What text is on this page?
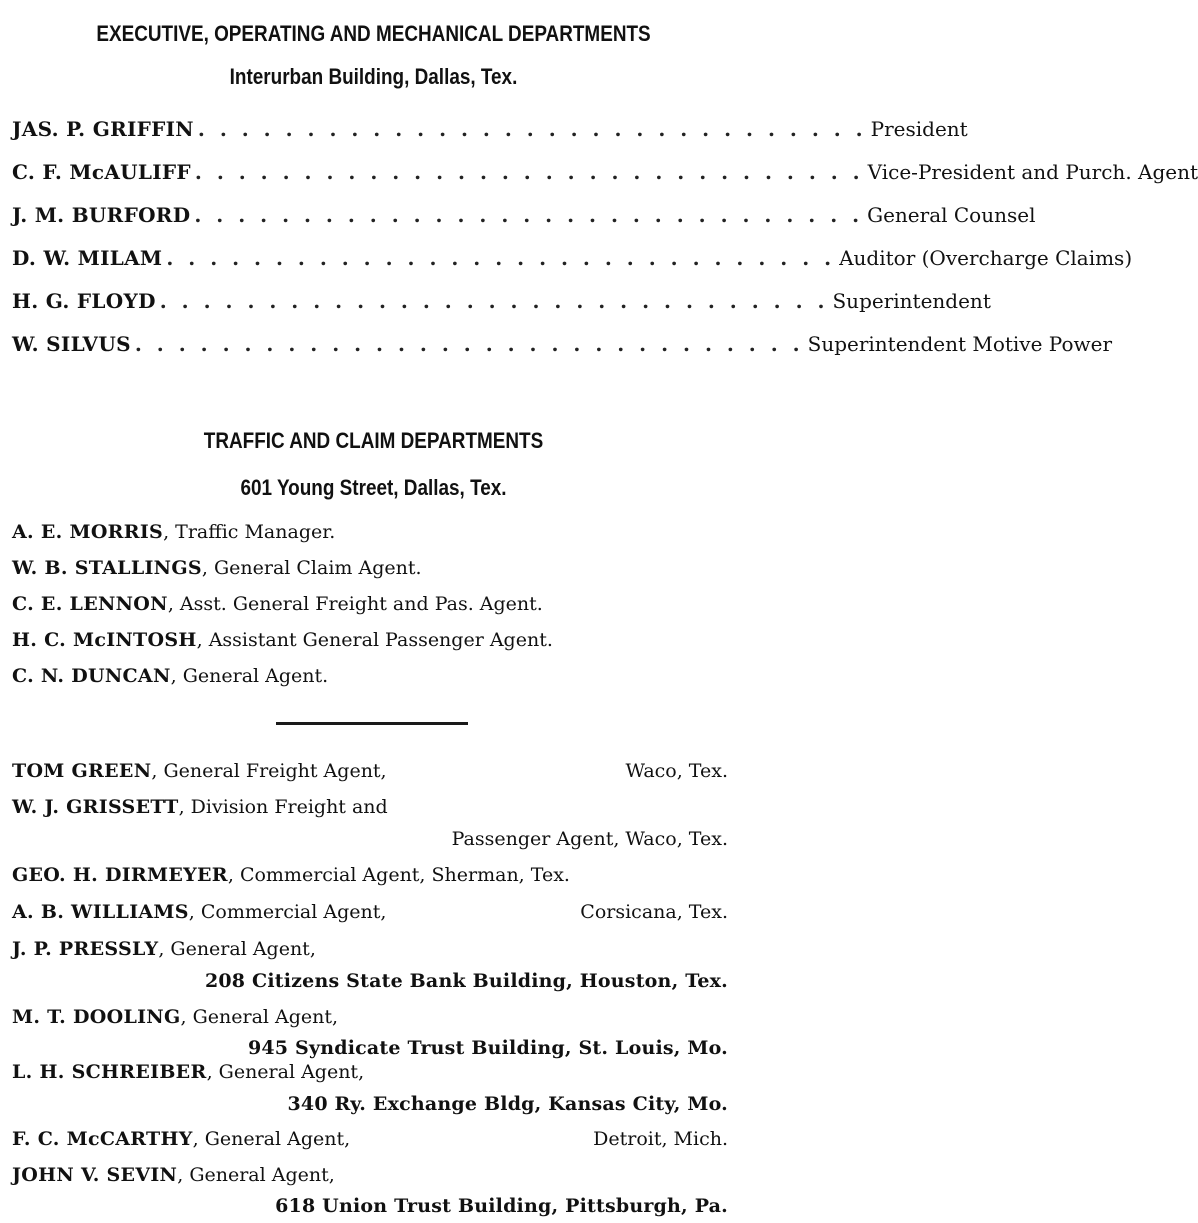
EXECUTIVE, OPERATING AND MECHANICAL DEPARTMENTS
Interurban Building, Dallas, Tex.
JAS. P. GRIFFIN . . . . . . . . . . . . . . . . . . . . . . . . . . . . . . . President
C. F. McAULIFF . . . . . . . . . . . . . . . . . . . . . . . . . . . . . . . Vice-President and Purch. Agent
J. M. BURFORD . . . . . . . . . . . . . . . . . . . . . . . . . . . . . . . General Counsel
D. W. MILAM . . . . . . . . . . . . . . . . . . . . . . . . . . . . . . . Auditor (Overcharge Claims)
H. G. FLOYD . . . . . . . . . . . . . . . . . . . . . . . . . . . . . . . Superintendent
W. SILVUS . . . . . . . . . . . . . . . . . . . . . . . . . . . . . . . Superintendent Motive Power
TRAFFIC AND CLAIM DEPARTMENTS
601 Young Street, Dallas, Tex.
A. E. MORRIS, Traffic Manager.
W. B. STALLINGS, General Claim Agent.
C. E. LENNON, Asst. General Freight and Pas. Agent.
H. C. McINTOSH, Assistant General Passenger Agent.
C. N. DUNCAN, General Agent.
TOM GREEN, General Freight Agent,	Waco, Tex.
W. J. GRISSETT, Division Freight and
Passenger Agent, Waco, Tex.
GEO. H. DIRMEYER, Commercial Agent, Sherman, Tex.
A. B. WILLIAMS, Commercial Agent,	Corsicana, Tex.
J. P. PRESSLY, General Agent,
208 Citizens State Bank Building, Houston, Tex.
M. T. DOOLING, General Agent,
945 Syndicate Trust Building, St. Louis, Mo.
L. H. SCHREIBER, General Agent,
340 Ry. Exchange Bldg, Kansas City, Mo.
F. C. McCARTHY, General Agent,	Detroit, Mich.
JOHN V. SEVIN, General Agent,
618 Union Trust Building, Pittsburgh, Pa.
